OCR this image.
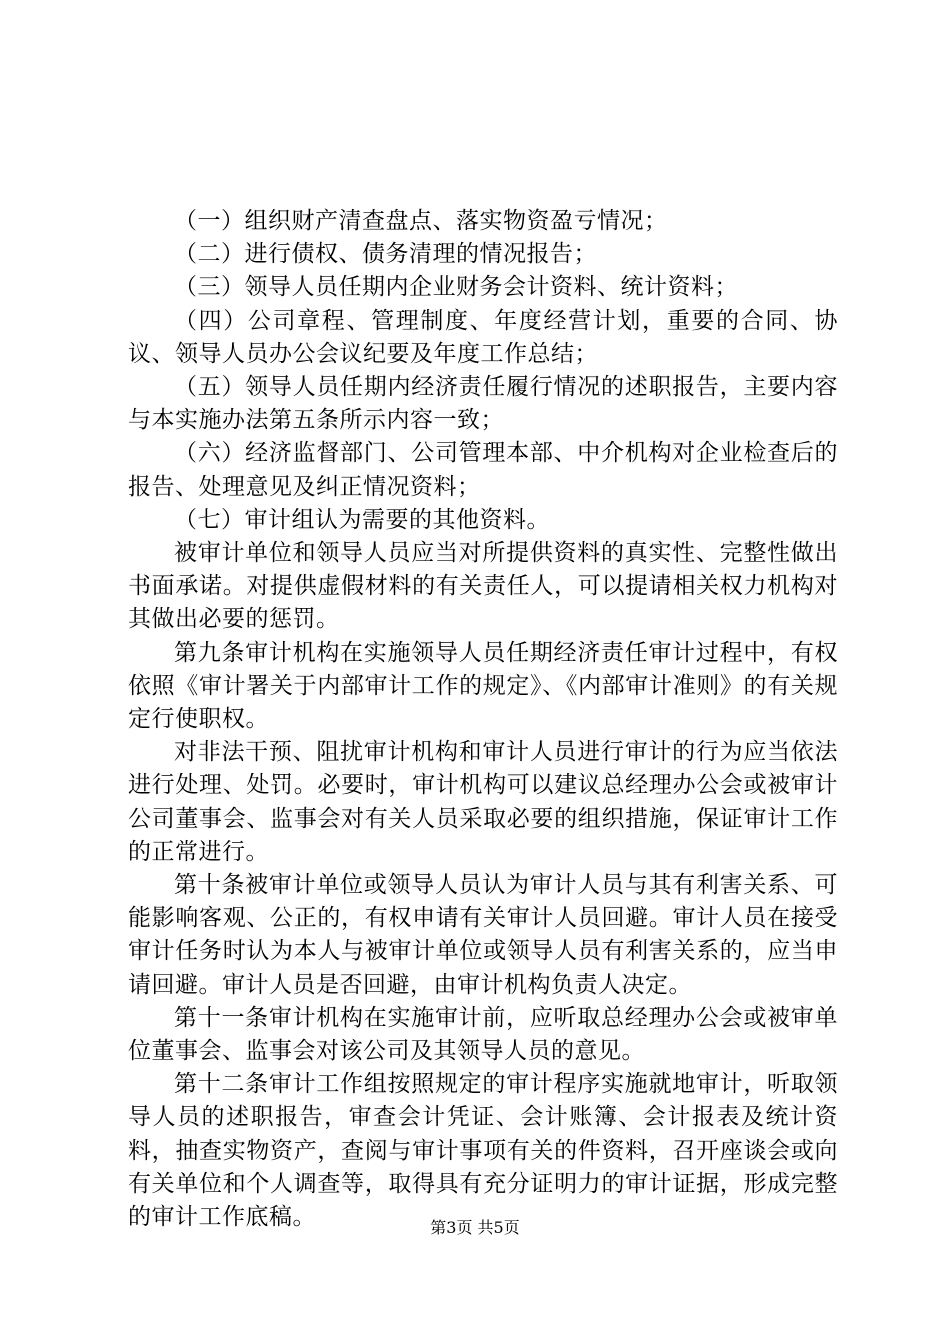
（一）组织财产清查盘点、落实物资盈亏情况；

（二）进行债权、债务清理的情况报告；

（三）领导人员任期内企业财务会计资料、统计资料；

（四）公司章程、管理制度、年度经营计划，重要的合同、协议、领导人员办公会议纪要及年度工作总结；

（五）领导人员任期内经济责任履行情况的述职报告，主要内容与本实施办法第五条所示内容一致；

（六）经济监督部门、公司管理本部、中介机构对企业检查后的报告、处理意见及纠正情况资料；

（七）审计组认为需要的其他资料。

被审计单位和领导人员应当对所提供资料的真实性、完整性做出书面承诺。对提供虚假材料的有关责任人，可以提请相关权力机构对其做出必要的惩罚。

第九条审计机构在实施领导人员任期经济责任审计过程中，有权依照《审计署关于内部审计工作的规定》、《内部审计准则》的有关规定行使职权。

对非法干预、阻扰审计机构和审计人员进行审计的行为应当依法进行处理、处罚。必要时，审计机构可以建议总经理办公会或被审计公司董事会、监事会对有关人员采取必要的组织措施，保证审计工作的正常进行。

第十条被审计单位或领导人员认为审计人员与其有利害关系、可能影响客观、公正的，有权申请有关审计人员回避。审计人员在接受审计任务时认为本人与被审计单位或领导人员有利害关系的，应当申请回避。审计人员是否回避，由审计机构负责人决定。

第十一条审计机构在实施审计前，应听取总经理办公会或被审单位董事会、监事会对该公司及其领导人员的意见。

第十二条审计工作组按照规定的审计程序实施就地审计，听取领导人员的述职报告，审查会计凭证、会计账簿、会计报表及统计资料，抽查实物资产，查阅与审计事项有关的件资料，召开座谈会或向有关单位和个人调查等，取得具有充分证明力的审计证据，形成完整的审计工作底稿。	第3页 共5页
